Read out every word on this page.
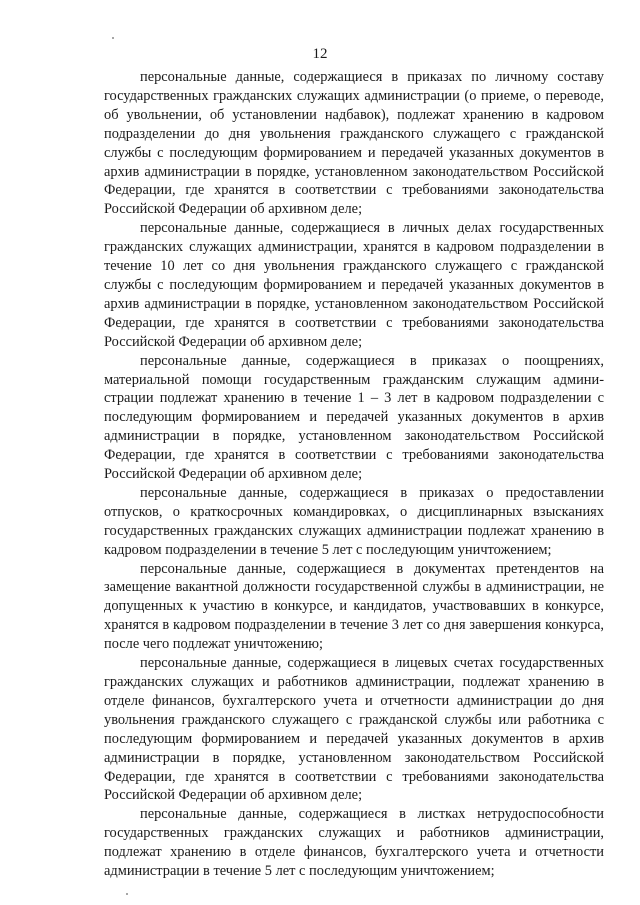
12

персональные данные, содержащиеся в приказах по личному составу государственных гражданских служащих администрации (о приеме, о переводе, об увольнении, об установлении надбавок), подлежат хранению в кадровом подразделении до дня увольнения гражданского служащего с гражданской службы с последующим формированием и передачей указанных документов в архив администрации в порядке, установленном законодательством Российской Федерации, где хранятся в соответствии с требованиями законодательства Российской Федерации об архивном деле;

персональные данные, содержащиеся в личных делах государственных гражданских служащих администрации, хранятся в кадровом подразделении в течение 10 лет со дня увольнения гражданского служащего с гражданской службы с последующим формированием и передачей указанных документов в архив администрации в порядке, установленном законодательством Российской Федерации, где хранятся в соответствии с требованиями законодательства Российской Федерации об архивном деле;

персональные данные, содержащиеся в приказах о поощрениях, материальной помощи государственным гражданским служащим администрации подлежат хранению в течение 1 – 3 лет в кадровом подразделении с последующим формированием и передачей указанных документов в архив администрации в порядке, установленном законодательством Российской Федерации, где хранятся в соответствии с требованиями законодательства Российской Федерации об архивном деле;

персональные данные, содержащиеся в приказах о предоставлении отпусков, о краткосрочных командировках, о дисциплинарных взысканиях государственных гражданских служащих администрации подлежат хранению в кадровом подразделении в течение 5 лет с последующим уничтожением;

персональные данные, содержащиеся в документах претендентов на замещение вакантной должности государственной службы в администрации, не допущенных к участию в конкурсе, и кандидатов, участвовавших в конкурсе, хранятся в кадровом подразделении в течение 3 лет со дня завершения конкурса, после чего подлежат уничтожению;

персональные данные, содержащиеся в лицевых счетах государственных гражданских служащих и работников администрации, подлежат хранению в отделе финансов, бухгалтерского учета и отчетности администрации до дня увольнения гражданского служащего с гражданской службы или работника с последующим формированием и передачей указанных документов в архив администрации в порядке, установленном законодательством Российской Федерации, где хранятся в соответствии с требованиями законодательства Российской Федерации об архивном деле;

персональные данные, содержащиеся в листках нетрудоспособности государственных гражданских служащих и работников администрации, подлежат хранению в отделе финансов, бухгалтерского учета и отчетности администрации в течение 5 лет с последующим уничтожением;
